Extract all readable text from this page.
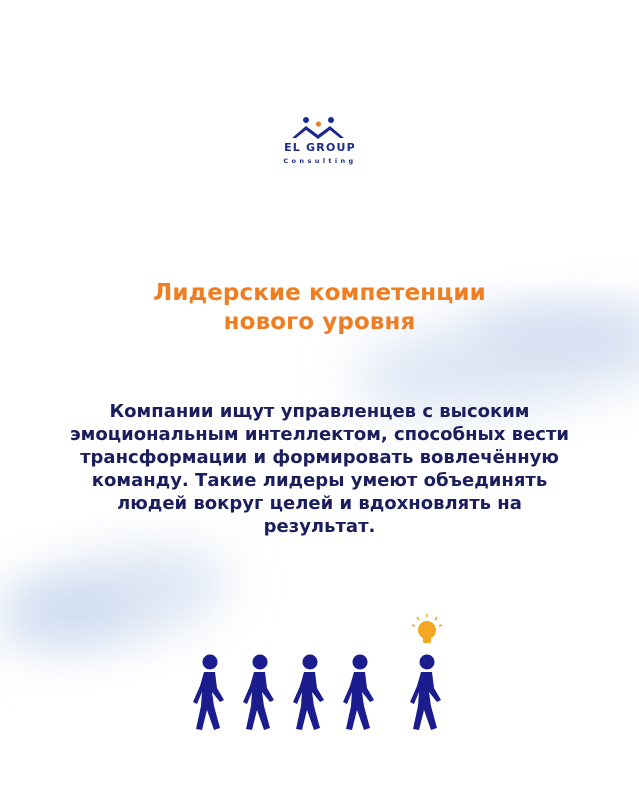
EL GROUP
Consulting
Лидерские компетенции
нового уровня
Компании ищут управленцев с высоким
эмоциональным интеллектом, способных вести
трансформации и формировать вовлечённую
команду. Такие лидеры умеют объединять
людей вокруг целей и вдохновлять на
результат.
